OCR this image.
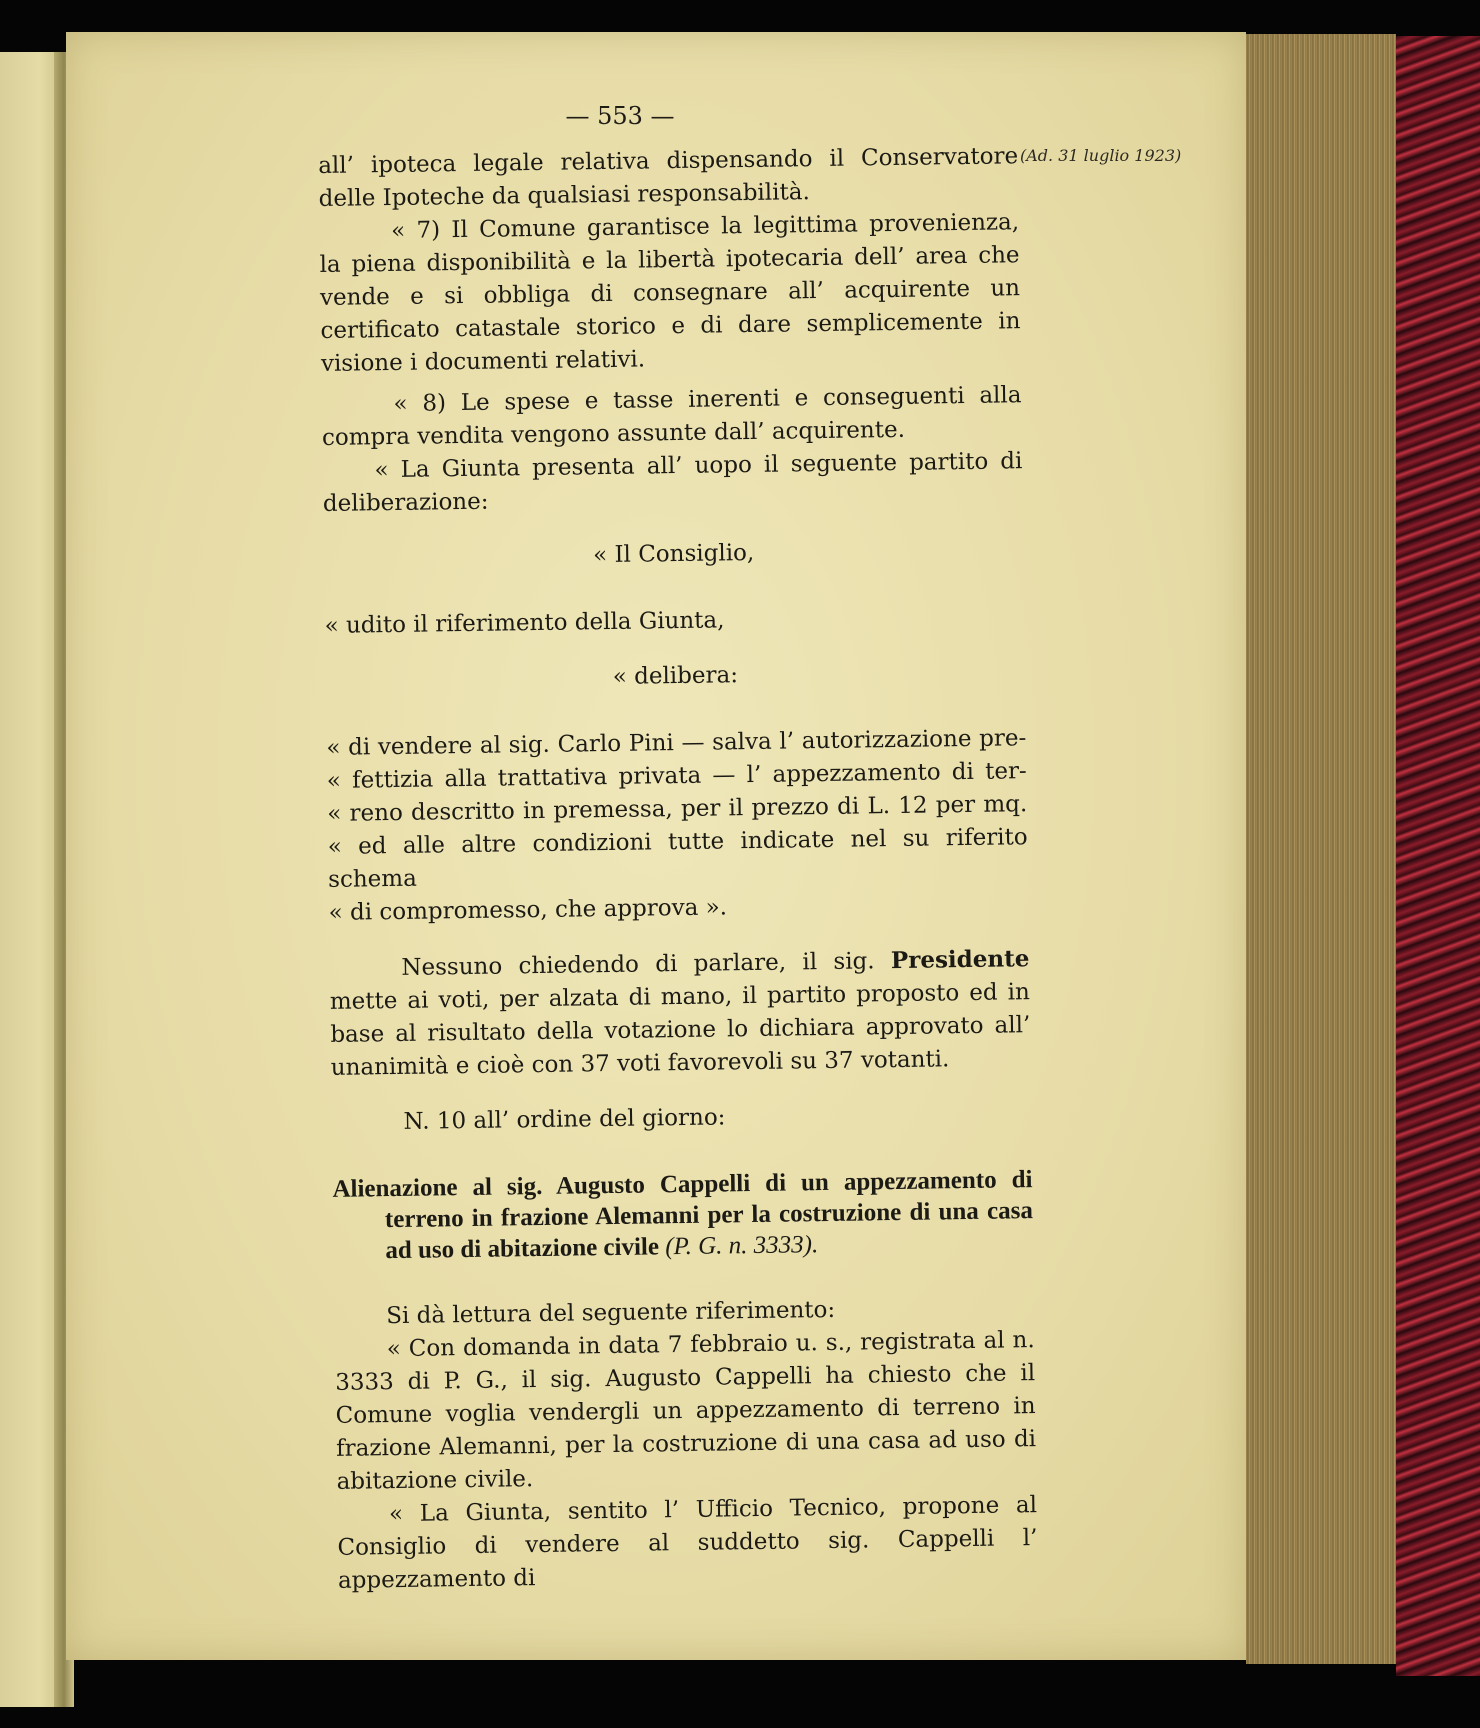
— 553 —
(Ad. 31 luglio 1923)

all’ ipoteca legale relativa dispensando il Conservatore delle Ipoteche da qualsiasi responsabilità.

« 7) Il Comune garantisce la legittima provenienza, la piena disponibilità e la libertà ipotecaria dell’ area che vende e si obbliga di consegnare all’ acquirente un certificato catastale storico e di dare semplicemente in visione i documenti relativi.

« 8) Le spese e tasse inerenti e conseguenti alla compra vendita vengono assunte dall’ acquirente.

« La Giunta presenta all’ uopo il seguente partito di deliberazione:

« Il Consiglio,

« udito il riferimento della Giunta,

« delibera:

« di vendere al sig. Carlo Pini — salva l’ autorizzazione pre-

« fettizia alla trattativa privata — l’ appezzamento di ter-

« reno descritto in premessa, per il prezzo di L. 12 per mq.

« ed alle altre condizioni tutte indicate nel su riferito schema

« di compromesso, che approva ».

Nessuno chiedendo di parlare, il sig. Presidente mette ai voti, per alzata di mano, il partito proposto ed in base al risultato della votazione lo dichiara approvato all’ unanimità e cioè con 37 voti favorevoli su 37 votanti.

N. 10 all’ ordine del giorno:

Alienazione al sig. Augusto Cappelli di un appezzamento di terreno in frazione Alemanni per la costruzione di una casa ad uso di abitazione civile (P. G. n. 3333).

Si dà lettura del seguente riferimento:

« Con domanda in data 7 febbraio u. s., registrata al n. 3333 di P. G., il sig. Augusto Cappelli ha chiesto che il Comune voglia vendergli un appezzamento di terreno in frazione Alemanni, per la costruzione di una casa ad uso di abitazione civile.

« La Giunta, sentito l’ Ufficio Tecnico, propone al Consiglio di vendere al suddetto sig. Cappelli l’ appezzamento di
